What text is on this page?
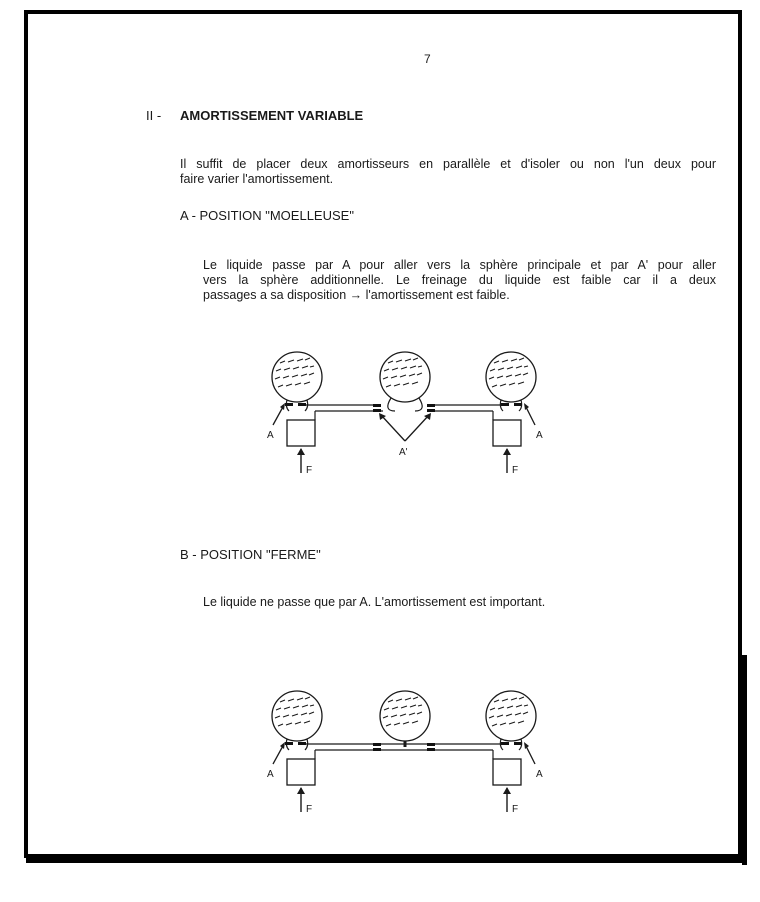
7
II - AMORTISSEMENT VARIABLE
Il suffit de placer deux amortisseurs en parallèle et d'isoler ou non l'un deux pour
faire varier l'amortissement.
A - POSITION "MOELLEUSE"
Le liquide passe par A pour aller vers la sphère principale et par A' pour aller
vers la sphère additionnelle. Le freinage du liquide est faible car il a deux
passages a sa disposition → l'amortissement est faible.
A	A
A'
F	F
B - POSITION "FERME"
Le liquide ne passe que par A. L'amortissement est important.
A	A
F	F
